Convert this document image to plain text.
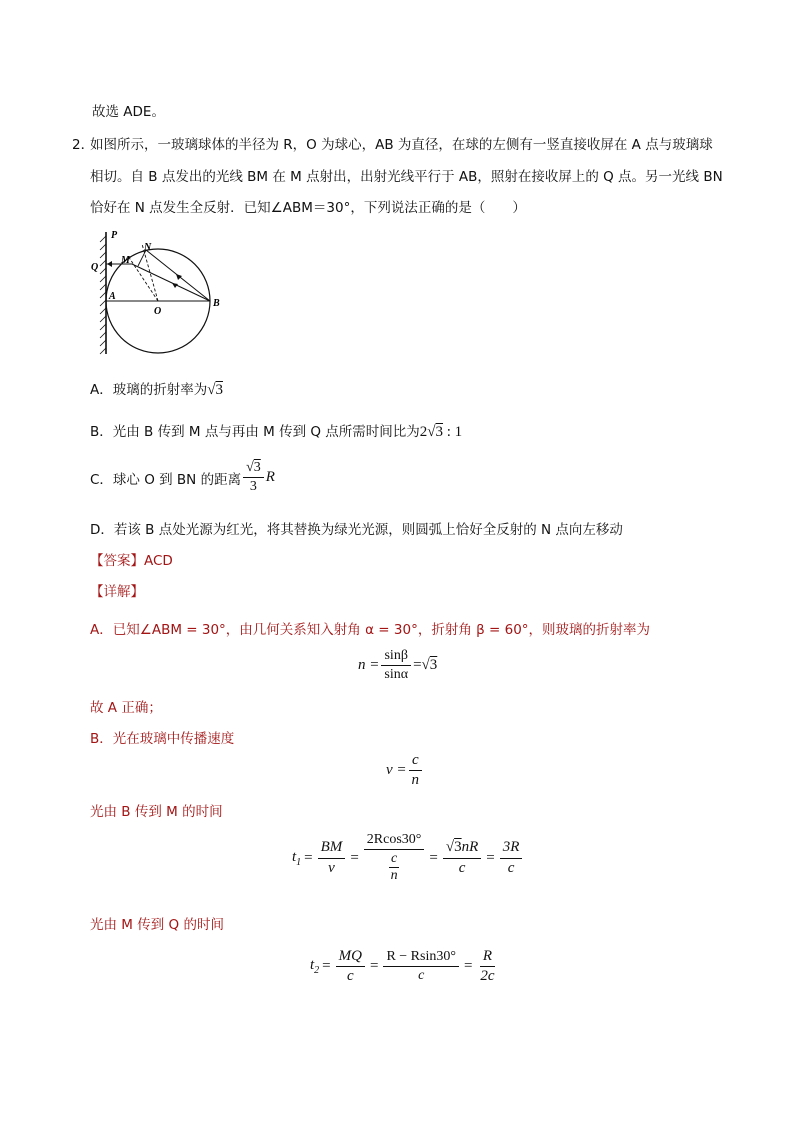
故选 ADE。
2．
如图所示，一玻璃球体的半径为 R，O 为球心，AB 为直径，在球的左侧有一竖直接收屏在 A 点与玻璃球
相切。自 B 点发出的光线 BM 在 M 点射出，出射光线平行于 AB，照射在接收屏上的 Q 点。另一光线 BN
恰好在 N 点发生全反射．已知∠ABM＝30°，下列说法正确的是（　　）
P
N
Q
M
A
O
B
A．玻璃的折射率为√3
B．光由 B 传到 M 点与再由 M 传到 Q 点所需时间比为2√3 : 1
C．球心 O 到 BN 的距离 $\frac{√3}{3}$ R
D．若该 B 点处光源为红光，将其替换为绿光光源，则圆弧上恰好全反射的 N 点向左移动
【答案】ACD
【详解】
A．已知∠ABM = 30°，由几何关系知入射角 α = 30°，折射角 β = 60°，则玻璃的折射率为
$n = \frac{\sin\beta}{\sin\alpha} = √3$
故 A 正确；
B．光在玻璃中传播速度
$v = \frac{c}{n}$
光由 B 传到 M 的时间
$t_1 = \frac{BM}{v} = \frac{2Rcos30^\circ}{\frac{c}{n}} = \frac{√3nR}{c} = \frac{3R}{c}$
光由 M 传到 Q 的时间
$t_2 = \frac{MQ}{c} = \frac{R - Rsin30^\circ}{c} = \frac{R}{2c}$
